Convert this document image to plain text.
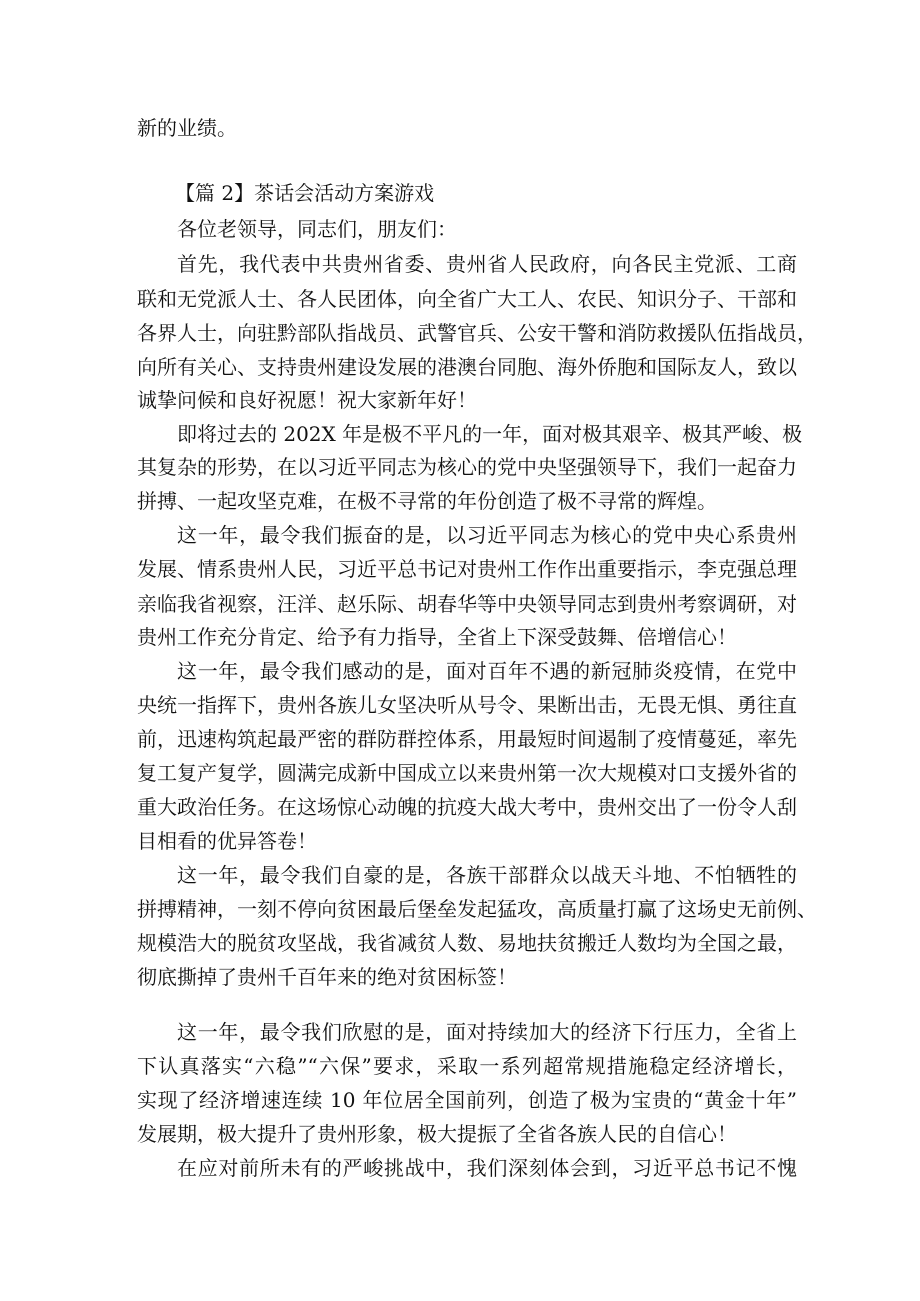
新的业绩。
【篇 2】茶话会活动方案游戏
各位老领导，同志们，朋友们：
首先，我代表中共贵州省委、贵州省人民政府，向各民主党派、工商
联和无党派人士、各人民团体，向全省广大工人、农民、知识分子、干部和
各界人士，向驻黔部队指战员、武警官兵、公安干警和消防救援队伍指战员，
向所有关心、支持贵州建设发展的港澳台同胞、海外侨胞和国际友人，致以
诚挚问候和良好祝愿！祝大家新年好！
即将过去的 202X 年是极不平凡的一年，面对极其艰辛、极其严峻、极
其复杂的形势，在以习近平同志为核心的党中央坚强领导下，我们一起奋力
拼搏、一起攻坚克难，在极不寻常的年份创造了极不寻常的辉煌。
这一年，最令我们振奋的是，以习近平同志为核心的党中央心系贵州
发展、情系贵州人民，习近平总书记对贵州工作作出重要指示，李克强总理
亲临我省视察，汪洋、赵乐际、胡春华等中央领导同志到贵州考察调研，对
贵州工作充分肯定、给予有力指导，全省上下深受鼓舞、倍增信心！
这一年，最令我们感动的是，面对百年不遇的新冠肺炎疫情，在党中
央统一指挥下，贵州各族儿女坚决听从号令、果断出击，无畏无惧、勇往直
前，迅速构筑起最严密的群防群控体系，用最短时间遏制了疫情蔓延，率先
复工复产复学，圆满完成新中国成立以来贵州第一次大规模对口支援外省的
重大政治任务。在这场惊心动魄的抗疫大战大考中，贵州交出了一份令人刮
目相看的优异答卷！
这一年，最令我们自豪的是，各族干部群众以战天斗地、不怕牺牲的
拼搏精神，一刻不停向贫困最后堡垒发起猛攻，高质量打赢了这场史无前例、
规模浩大的脱贫攻坚战，我省减贫人数、易地扶贫搬迁人数均为全国之最，
彻底撕掉了贵州千百年来的绝对贫困标签！
这一年，最令我们欣慰的是，面对持续加大的经济下行压力，全省上
下认真落实“六稳”“六保”要求，采取一系列超常规措施稳定经济增长，
实现了经济增速连续 10 年位居全国前列，创造了极为宝贵的“黄金十年”
发展期，极大提升了贵州形象，极大提振了全省各族人民的自信心！
在应对前所未有的严峻挑战中，我们深刻体会到，习近平总书记不愧
